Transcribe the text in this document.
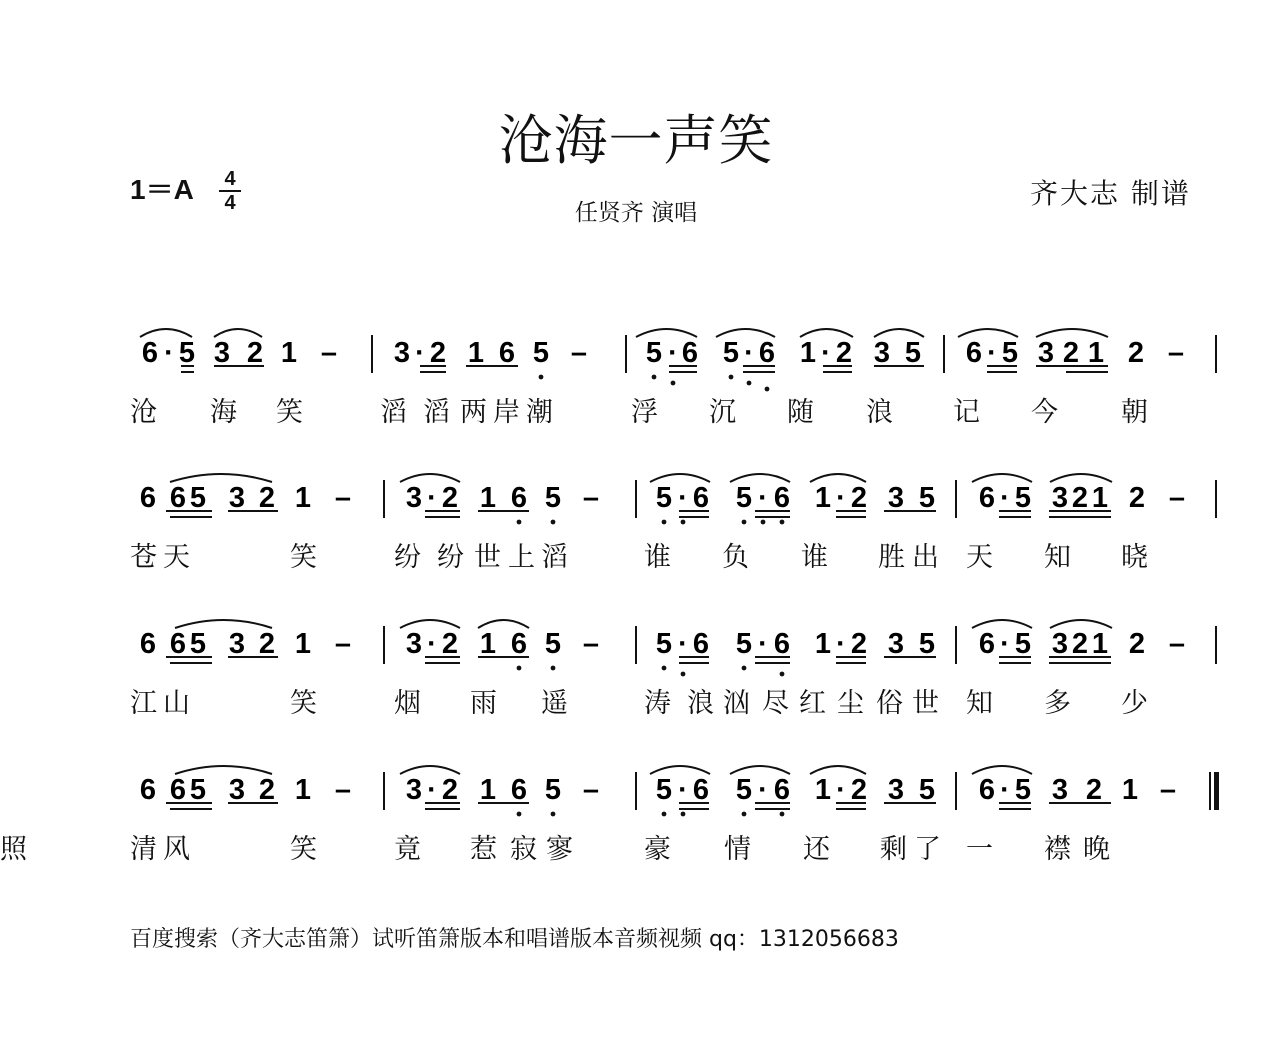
沧海一声笑
1＝A	4
4	任贤齐 演唱
齐大志 制谱
6 · 5 3 2 1 – 3 · 2 1 6 5 – 5 · 6 5 · 6 1 · 2 3 5 6 · 5 3 2 1 2 –
沧 海 笑	滔 滔 两 岸 潮	浮 沉 随 浪 记 今 朝
6 6 5 3 2 1 – 3 · 2 1 6 5 – 5 · 6 5 · 6 1 · 2 3 5 6 · 5 3 2 1 2 –
苍 天	笑	纷 纷 世 上 滔	谁 负 谁 胜 出 天 知 晓
6 6 5 3 2 1 – 3 · 2 1 6 5 – 5 · 6 5 · 6 1 · 2 3 5 6 · 5 3 2 1 2 –
江 山	笑	烟 雨 遥	涛 浪 汹 尽 红 尘 俗 世 知 多 少
6 6 5 3 2 1 – 3 · 2 1 6 5 – 5 · 6 5 · 6 1 · 2 3 5 6 · 5 3 2 1 –
清 风	笑	竟 惹 寂 寥	豪 情 还 剩 了 一 襟 晚
照
百度搜索（齐大志笛箫）试听笛箫版本和唱谱版本音频视频 qq：1312056683
